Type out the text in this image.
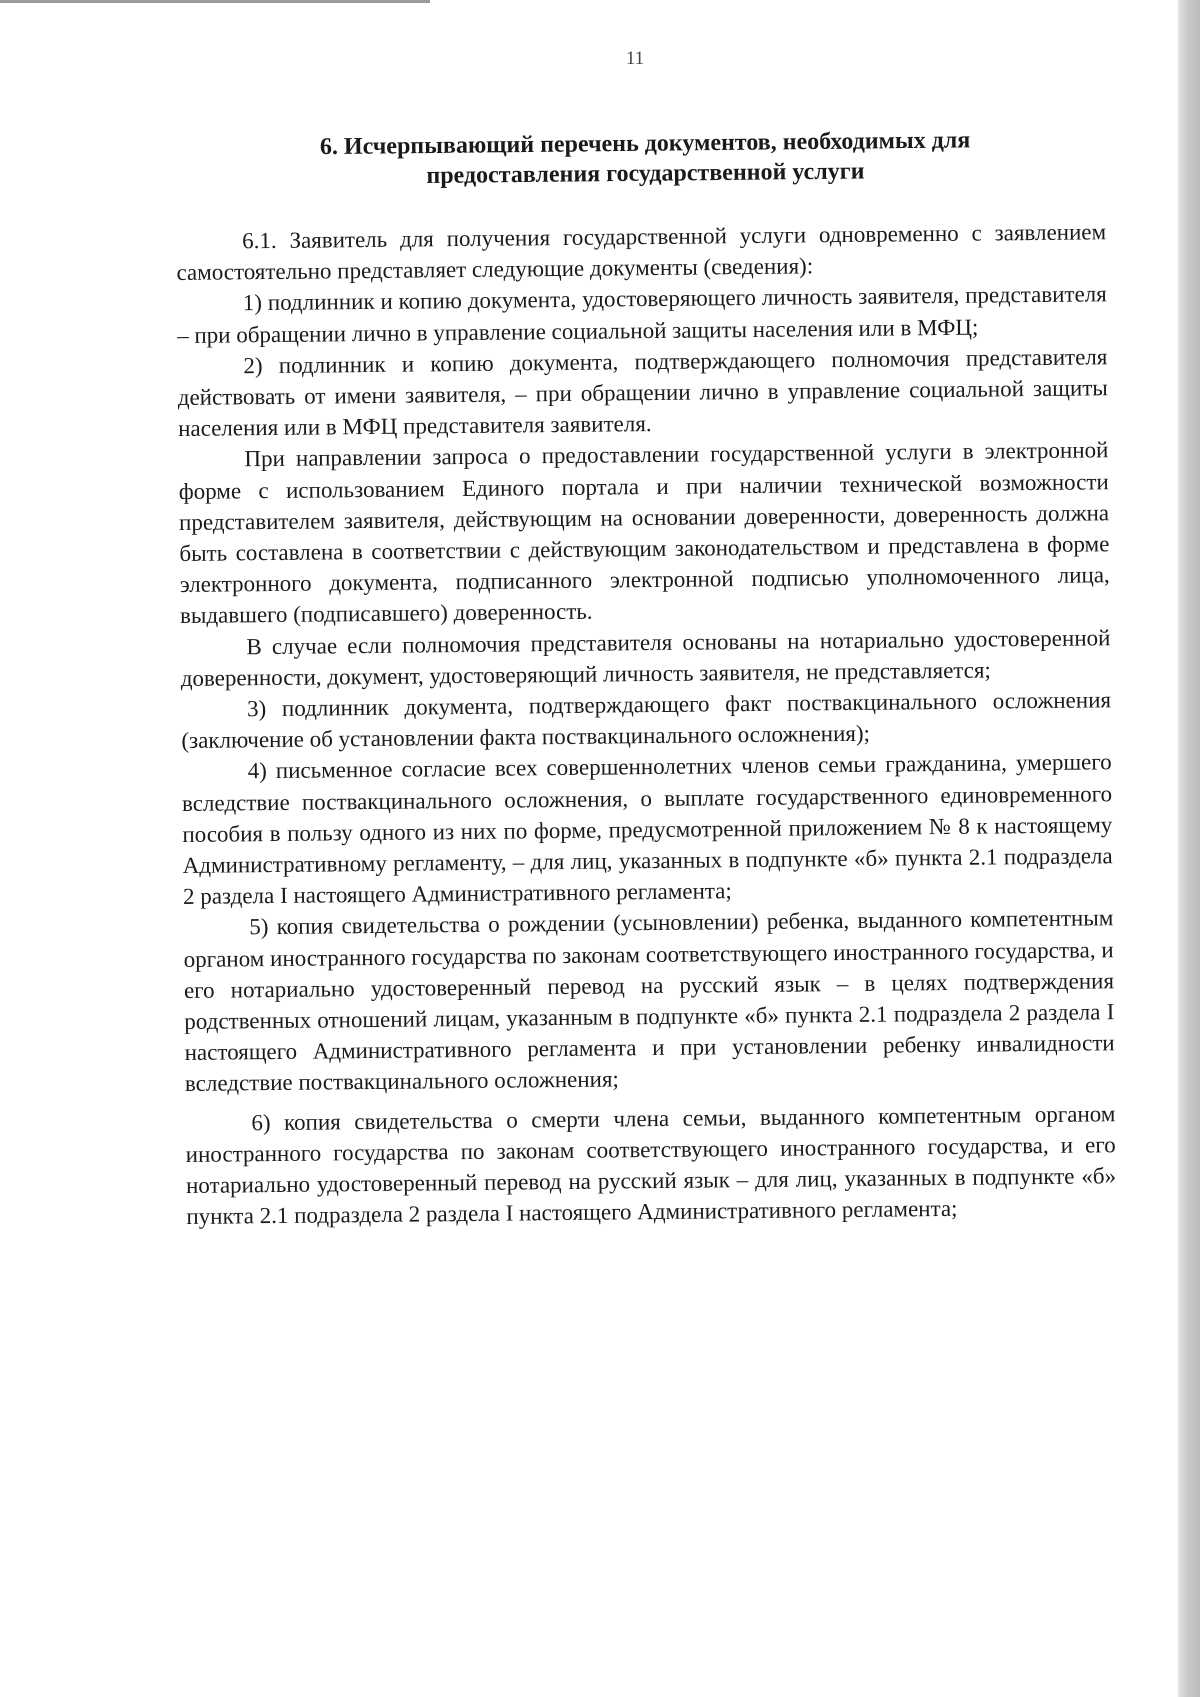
11
6. Исчерпывающий перечень документов, необходимых для
предоставления государственной услуги

6.1. Заявитель для получения государственной услуги одновременно с заявлением самостоятельно представляет следующие документы (сведения):

1) подлинник и копию документа, удостоверяющего личность заявителя, представителя – при обращении лично в управление социальной защиты населения или в МФЦ;

2) подлинник и копию документа, подтверждающего полномочия представителя действовать от имени заявителя, – при обращении лично в управление социальной защиты населения или в МФЦ представителя заявителя.

При направлении запроса о предоставлении государственной услуги в электронной форме с использованием Единого портала и при наличии технической возможности представителем заявителя, действующим на основании доверенности, доверенность должна быть составлена в соответствии с действующим законодательством и представлена в форме электронного документа, подписанного электронной подписью уполномоченного лица, выдавшего (подписавшего) доверенность.

В случае если полномочия представителя основаны на нотариально удостоверенной доверенности, документ, удостоверяющий личность заявителя, не представляется;

3) подлинник документа, подтверждающего факт поствакцинального осложнения (заключение об установлении факта поствакцинального осложнения);

4) письменное согласие всех совершеннолетних членов семьи гражданина, умершего вследствие поствакцинального осложнения, о выплате государственного единовременного пособия в пользу одного из них по форме, предусмотренной приложением № 8 к настоящему Административному регламенту, – для лиц, указанных в подпункте «б» пункта 2.1 подраздела 2 раздела I настоящего Административного регламента;

5) копия свидетельства о рождении (усыновлении) ребенка, выданного компетентным органом иностранного государства по законам соответствующего иностранного государства, и его нотариально удостоверенный перевод на русский язык – в целях подтверждения родственных отношений лицам, указанным в подпункте «б» пункта 2.1 подраздела 2 раздела I настоящего Административного регламента и при установлении ребенку инвалидности вследствие поствакцинального осложнения;

6) копия свидетельства о смерти члена семьи, выданного компетентным органом иностранного государства по законам соответствующего иностранного государства, и его нотариально удостоверенный перевод на русский язык – для лиц, указанных в подпункте «б» пункта 2.1 подраздела 2 раздела I настоящего Административного регламента;
